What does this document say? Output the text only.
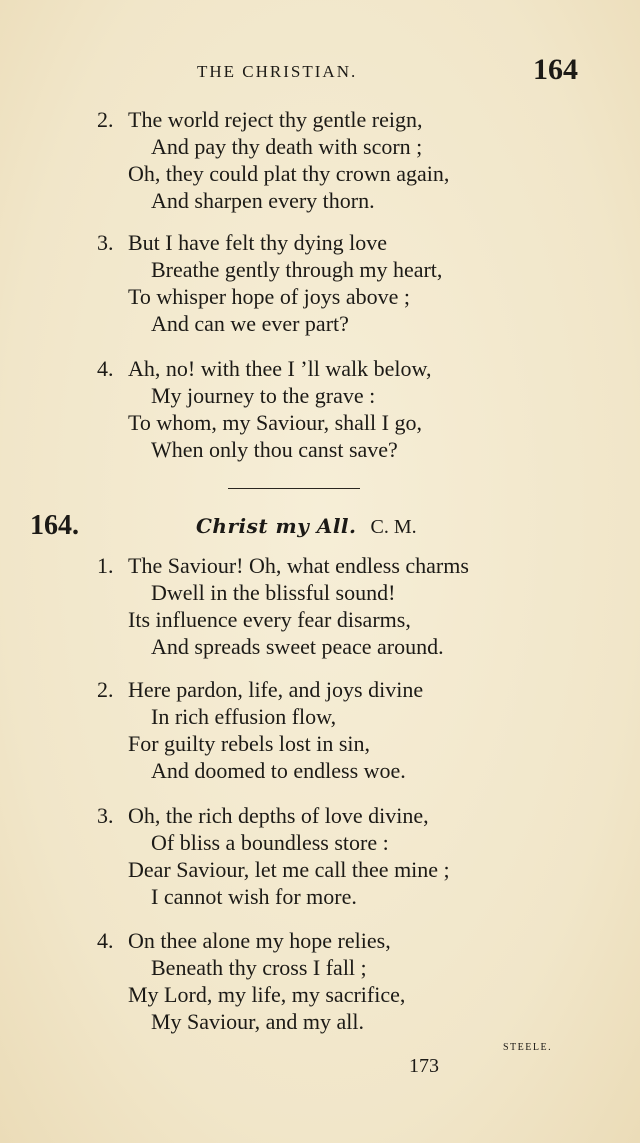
THE CHRISTIAN.	164
2. The world reject thy gentle reign,
And pay thy death with scorn ;
Oh, they could plat thy crown again,
And sharpen every thorn.
3. But I have felt thy dying love
Breathe gently through my heart,
To whisper hope of joys above ;
And can we ever part?
4. Ah, no! with thee I ’ll walk below,
My journey to the grave :
To whom, my Saviour, shall I go,
When only thou canst save?
164.	Christ my All. C. M.
1. The Saviour! Oh, what endless charms
Dwell in the blissful sound!
Its influence every fear disarms,
And spreads sweet peace around.
2. Here pardon, life, and joys divine
In rich effusion flow,
For guilty rebels lost in sin,
And doomed to endless woe.
3. Oh, the rich depths of love divine,
Of bliss a boundless store :
Dear Saviour, let me call thee mine ;
I cannot wish for more.
4. On thee alone my hope relies,
Beneath thy cross I fall ;
My Lord, my life, my sacrifice,
My Saviour, and my all.
STEELE.
173
